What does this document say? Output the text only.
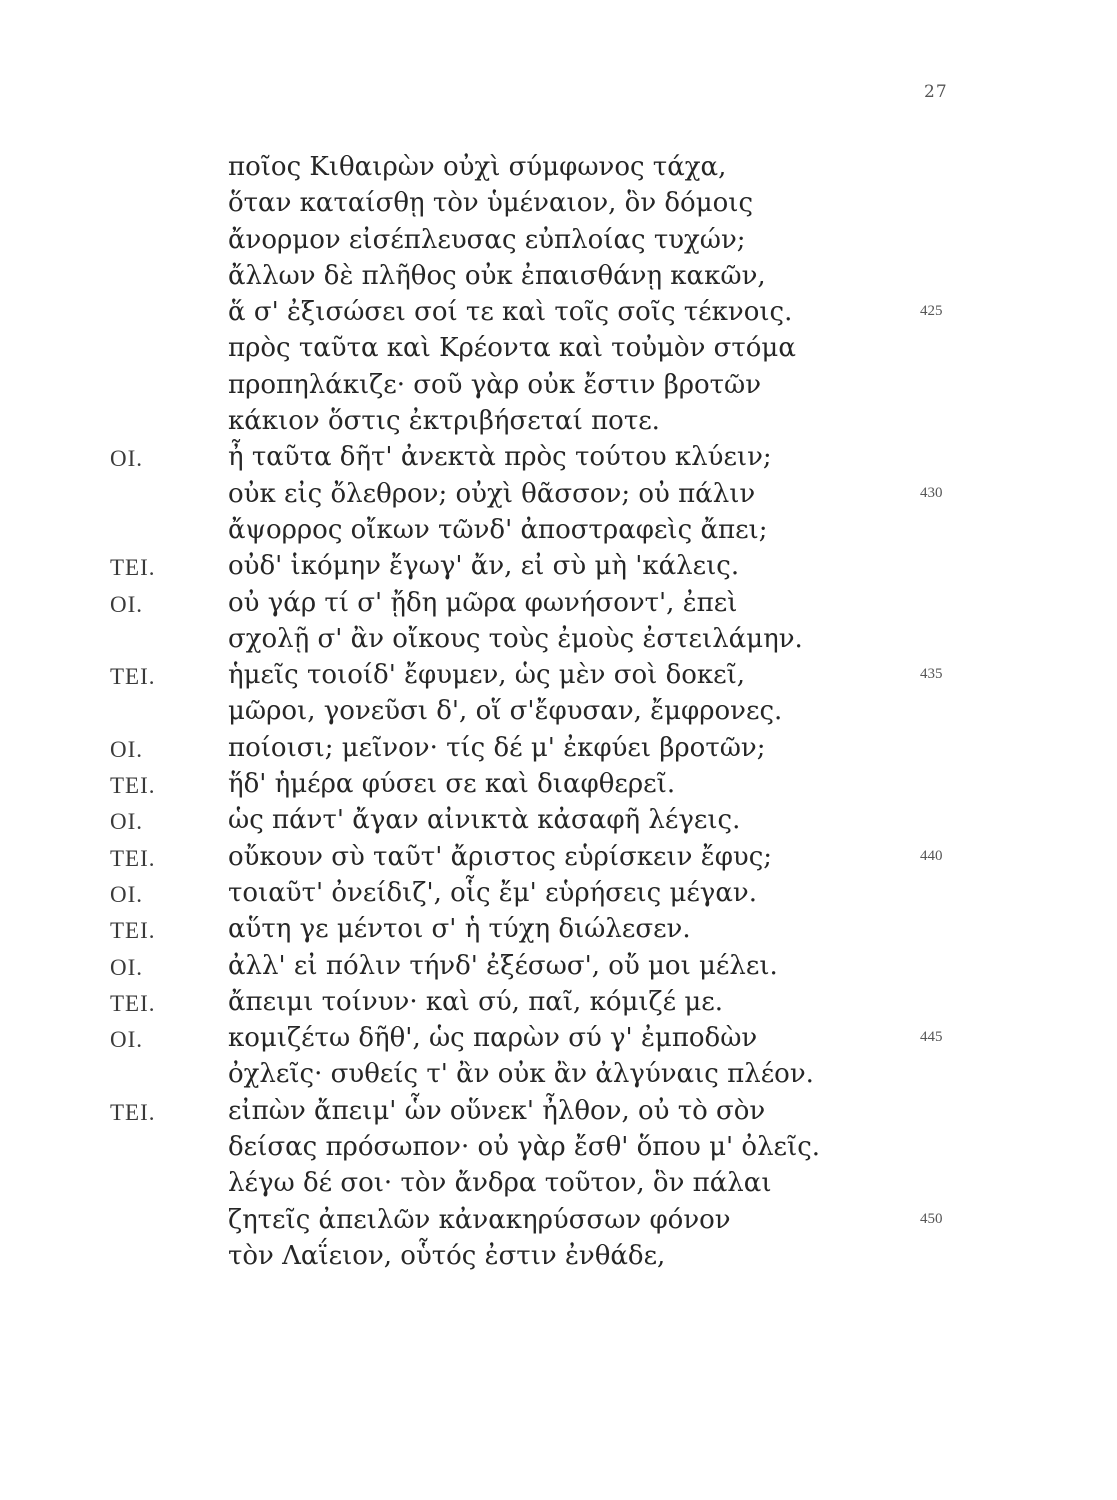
27
ποῖος Κιθαιρὼν οὐχὶ σύμφωνος τάχα,
ὅταν καταίσθῃ τὸν ὑμέναιον, ὃν δόμοις
ἄνορμον εἰσέπλευσας εὐπλοίας τυχών;
ἄλλων δὲ πλῆθος οὐκ ἐπαισθάνῃ κακῶν,
ἅ σ' ἐξισώσει σοί τε καὶ τοῖς σοῖς τέκνοις.	425
πρὸς ταῦτα καὶ Κρέοντα καὶ τοὐμὸν στόμα
προπηλάκιζε· σοῦ γὰρ οὐκ ἔστιν βροτῶν
κάκιον ὅστις ἐκτριβήσεταί ποτε.
ΟΙ.	ἦ ταῦτα δῆτ' ἀνεκτὰ πρὸς τούτου κλύειν;
οὐκ εἰς ὄλεθρον; οὐχὶ θᾶσσον; οὐ πάλιν	430
ἄψορρος οἴκων τῶνδ' ἀποστραφεὶς ἄπει;
ΤΕΙ.	οὐδ' ἱκόμην ἔγωγ' ἄν, εἰ σὺ μὴ 'κάλεις.
ΟΙ.	οὐ γάρ τί σ' ᾔδη μῶρα φωνήσοντ', ἐπεὶ
σχολῇ σ' ἂν οἴκους τοὺς ἐμοὺς ἐστειλάμην.
ΤΕΙ.	ἡμεῖς τοιοίδ' ἔφυμεν, ὡς μὲν σοὶ δοκεῖ,	435
μῶροι, γονεῦσι δ', οἵ σ'ἔφυσαν, ἔμφρονες.
ΟΙ.	ποίοισι; μεῖνον· τίς δέ μ' ἐκφύει βροτῶν;
ΤΕΙ.	ἥδ' ἡμέρα φύσει σε καὶ διαφθερεῖ.
ΟΙ.	ὡς πάντ' ἄγαν αἰνικτὰ κἀσαφῆ λέγεις.
ΤΕΙ.	οὔκουν σὺ ταῦτ' ἄριστος εὑρίσκειν ἔφυς;	440
ΟΙ.	τοιαῦτ' ὀνείδιζ', οἷς ἔμ' εὑρήσεις μέγαν.
ΤΕΙ.	αὕτη γε μέντοι σ' ἡ τύχη διώλεσεν.
ΟΙ.	ἀλλ' εἰ πόλιν τήνδ' ἐξέσωσ', οὔ μοι μέλει.
ΤΕΙ.	ἄπειμι τοίνυν· καὶ σύ, παῖ, κόμιζέ με.
ΟΙ.	κομιζέτω δῆθ', ὡς παρὼν σύ γ' ἐμποδὼν	445
ὀχλεῖς· συθείς τ' ἂν οὐκ ἂν ἀλγύναις πλέον.
ΤΕΙ.	εἰπὼν ἄπειμ' ὧν οὕνεκ' ἦλθον, οὐ τὸ σὸν
δείσας πρόσωπον· οὐ γὰρ ἔσθ' ὅπου μ' ὀλεῖς.
λέγω δέ σοι· τὸν ἄνδρα τοῦτον, ὃν πάλαι
ζητεῖς ἀπειλῶν κἀνακηρύσσων φόνον	450
τὸν Λαΐειον, οὗτός ἐστιν ἐνθάδε,
